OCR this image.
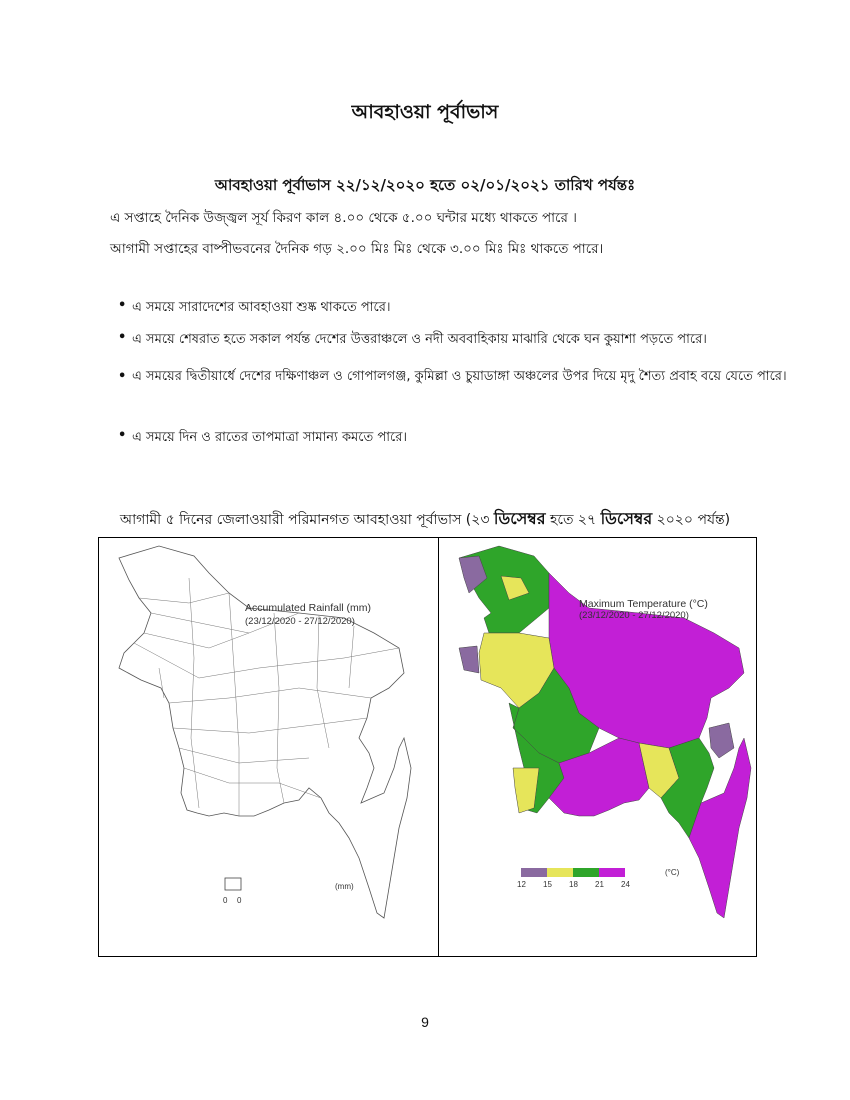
আবহাওয়া পূর্বাভাস
আবহাওয়া পূর্বাভাস ২২/১২/২০২০ হতে ০২/০১/২০২১ তারিখ পর্যন্তঃ
এ সপ্তাহে দৈনিক উজ্জ্বল সূর্য কিরণ কাল ৪.০০ থেকে ৫.০০ ঘন্টার মধ্যে থাকতে পারে ।
আগামী সপ্তাহের বাষ্পীভবনের দৈনিক গড় ২.০০ মিঃ মিঃ থেকে ৩.০০ মিঃ মিঃ থাকতে পারে।
• এ সময়ে সারাদেশের আবহাওয়া শুষ্ক থাকতে পারে।
• এ সময়ে শেষরাত হতে সকাল পর্যন্ত দেশের উত্তরাঞ্চলে ও নদী অববাহিকায় মাঝারি থেকে ঘন কুয়াশা পড়তে পারে।
• এ সময়ের দ্বিতীয়ার্ধে দেশের দক্ষিণাঞ্চল ও গোপালগঞ্জ, কুমিল্লা ও চুয়াডাঙ্গা অঞ্চলের উপর দিয়ে মৃদু শৈত্য প্রবাহ বয়ে যেতে পারে।
• এ সময়ে দিন ও রাতের তাপমাত্রা সামান্য কমতে পারে।
আগামী ৫ দিনের জেলাওয়ারী পরিমানগত আবহাওয়া পূর্বাভাস (২৩ ডিসেম্বর হতে ২৭ ডিসেম্বর ২০২০ পর্যন্ত)
Accumulated Rainfall (mm)
(23/12/2020 - 27/12/2020)
(mm)
0 0
Maximum Temperature (°C)
(23/12/2020 - 27/12/2020)
(°C)
12 15 18 21 24
9
